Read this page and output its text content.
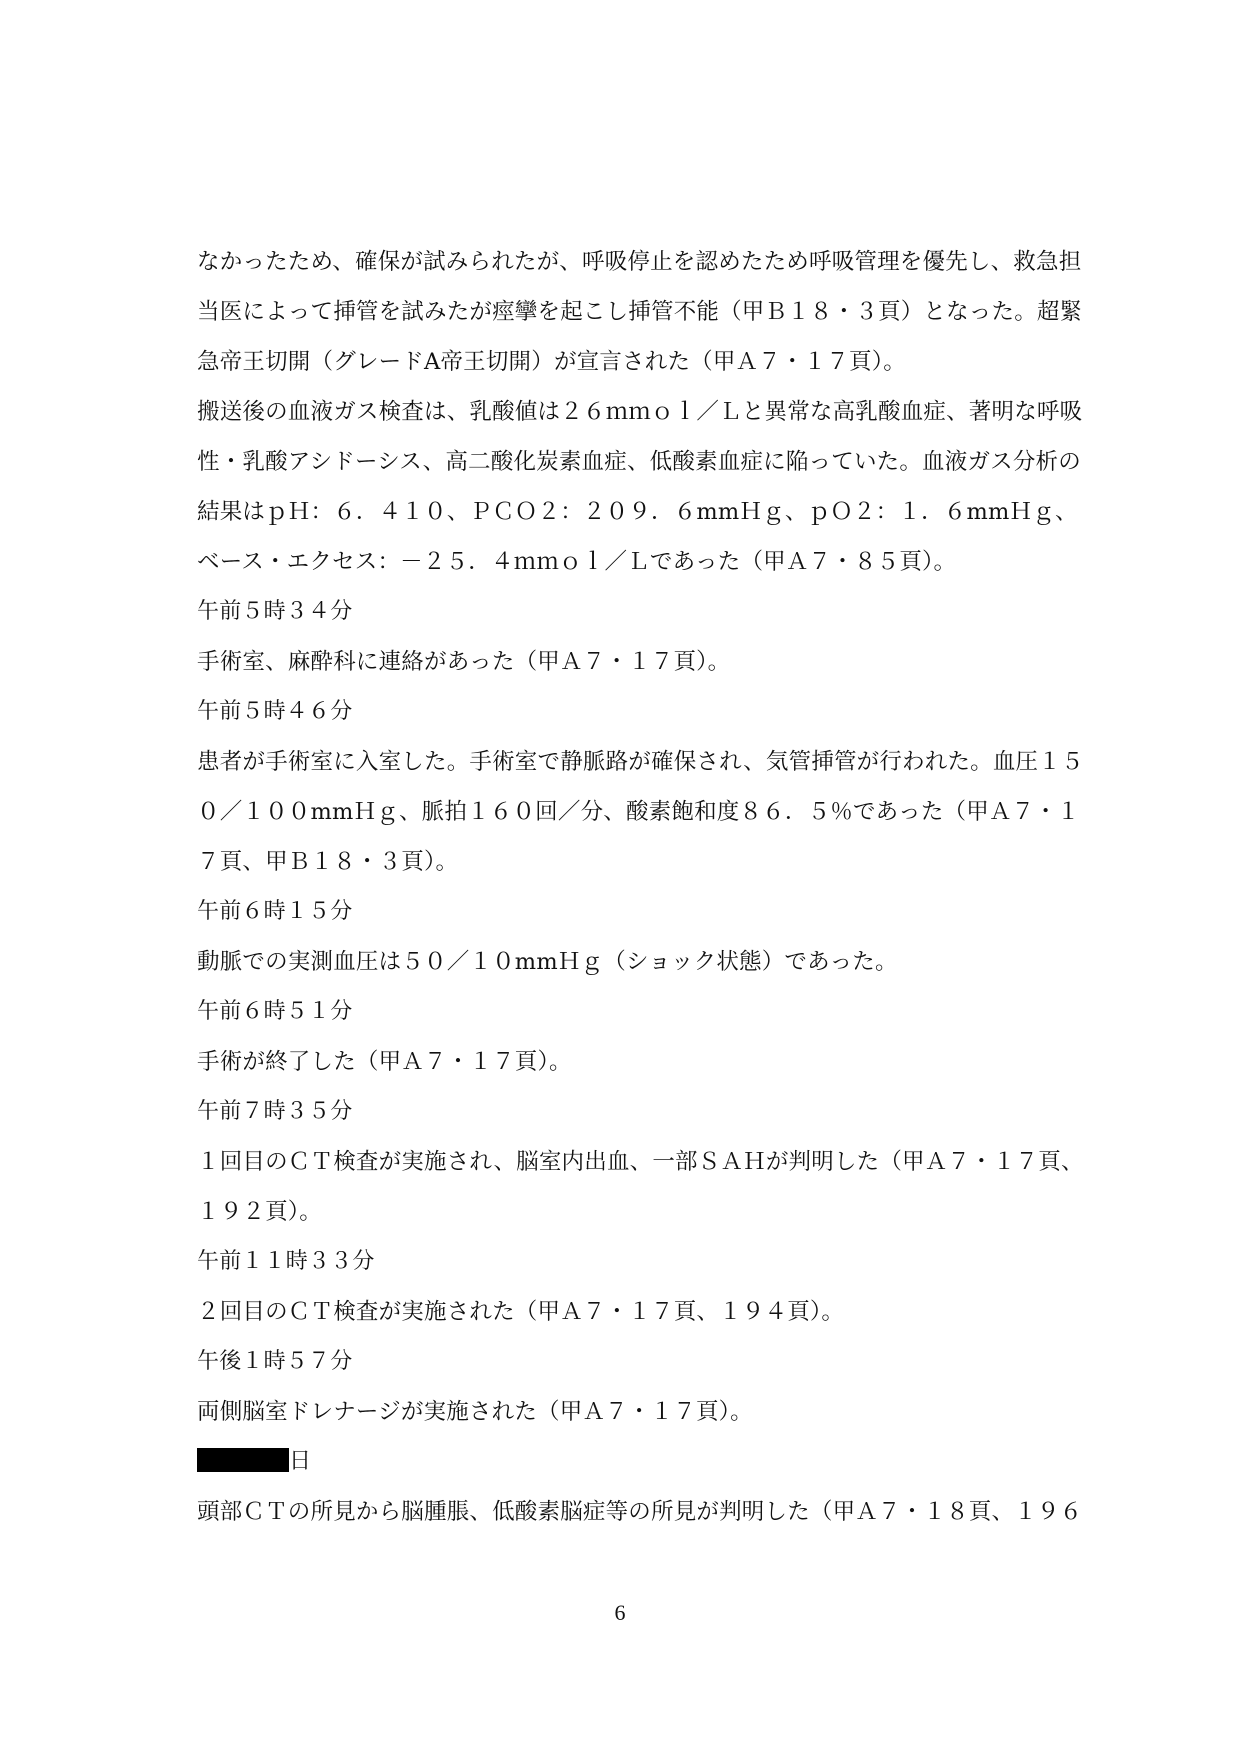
なかったため、確保が試みられたが、呼吸停止を認めたため呼吸管理を優先し、救急担
当医によって挿管を試みたが痙攣を起こし挿管不能（甲Ｂ１８・３頁）となった。超緊
急帝王切開（グレードA帝王切開）が宣言された（甲Ａ７・１７頁）。
搬送後の血液ガス検査は、乳酸値は２６ｍｍｏｌ／Ｌと異常な高乳酸血症、著明な呼吸
性・乳酸アシドーシス、高二酸化炭素血症、低酸素血症に陥っていた。血液ガス分析の
結果はｐＨ：６．４１０、ＰＣＯ２：２０９．６mmＨｇ、ｐＯ２：１．６mmＨｇ、
ベース・エクセス：－２５．４ｍｍｏｌ／Ｌであった（甲Ａ７・８５頁）。
午前５時３４分
手術室、麻酔科に連絡があった（甲Ａ７・１７頁）。
午前５時４６分
患者が手術室に入室した。手術室で静脈路が確保され、気管挿管が行われた。血圧１５
０／１００mmＨｇ、脈拍１６０回／分、酸素飽和度８６．５％であった（甲Ａ７・１
７頁、甲Ｂ１８・３頁）。
午前６時１５分
動脈での実測血圧は５０／１０mmＨｇ（ショック状態）であった。
午前６時５１分
手術が終了した（甲Ａ７・１７頁）。
午前７時３５分
１回目のＣＴ検査が実施され、脳室内出血、一部ＳＡＨが判明した（甲Ａ７・１７頁、
１９２頁）。
午前１１時３３分
２回目のＣＴ検査が実施された（甲Ａ７・１７頁、１９４頁）。
午後１時５７分
両側脳室ドレナージが実施された（甲Ａ７・１７頁）。
日
頭部ＣＴの所見から脳腫脹、低酸素脳症等の所見が判明した（甲Ａ７・１８頁、１９６
6
